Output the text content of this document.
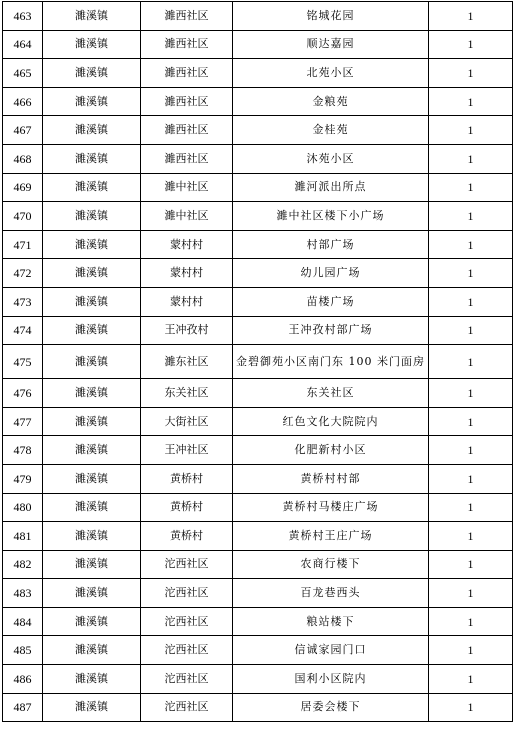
463	濉溪镇	濉西社区	铭城花园	1
464	濉溪镇	濉西社区	顺达嘉园	1
465	濉溪镇	濉西社区	北苑小区	1
466	濉溪镇	濉西社区	金粮苑	1
467	濉溪镇	濉西社区	金桂苑	1
468	濉溪镇	濉西社区	沐苑小区	1
469	濉溪镇	濉中社区	濉河派出所点	1
470	濉溪镇	濉中社区	濉中社区楼下小广场	1
471	濉溪镇	蒙村村	村部广场	1
472	濉溪镇	蒙村村	幼儿园广场	1
473	濉溪镇	蒙村村	苗楼广场	1
474	濉溪镇	王冲孜村	王冲孜村部广场	1
475	濉溪镇	濉东社区	金碧御苑小区南门东 100 米门面房	1
476	濉溪镇	东关社区	东关社区	1
477	濉溪镇	大街社区	红色文化大院院内	1
478	濉溪镇	王冲社区	化肥新村小区	1
479	濉溪镇	黄桥村	黄桥村村部	1
480	濉溪镇	黄桥村	黄桥村马楼庄广场	1
481	濉溪镇	黄桥村	黄桥村王庄广场	1
482	濉溪镇	沱西社区	农商行楼下	1
483	濉溪镇	沱西社区	百龙巷西头	1
484	濉溪镇	沱西社区	粮站楼下	1
485	濉溪镇	沱西社区	信诚家园门口	1
486	濉溪镇	沱西社区	国利小区院内	1
487	濉溪镇	沱西社区	居委会楼下	1
